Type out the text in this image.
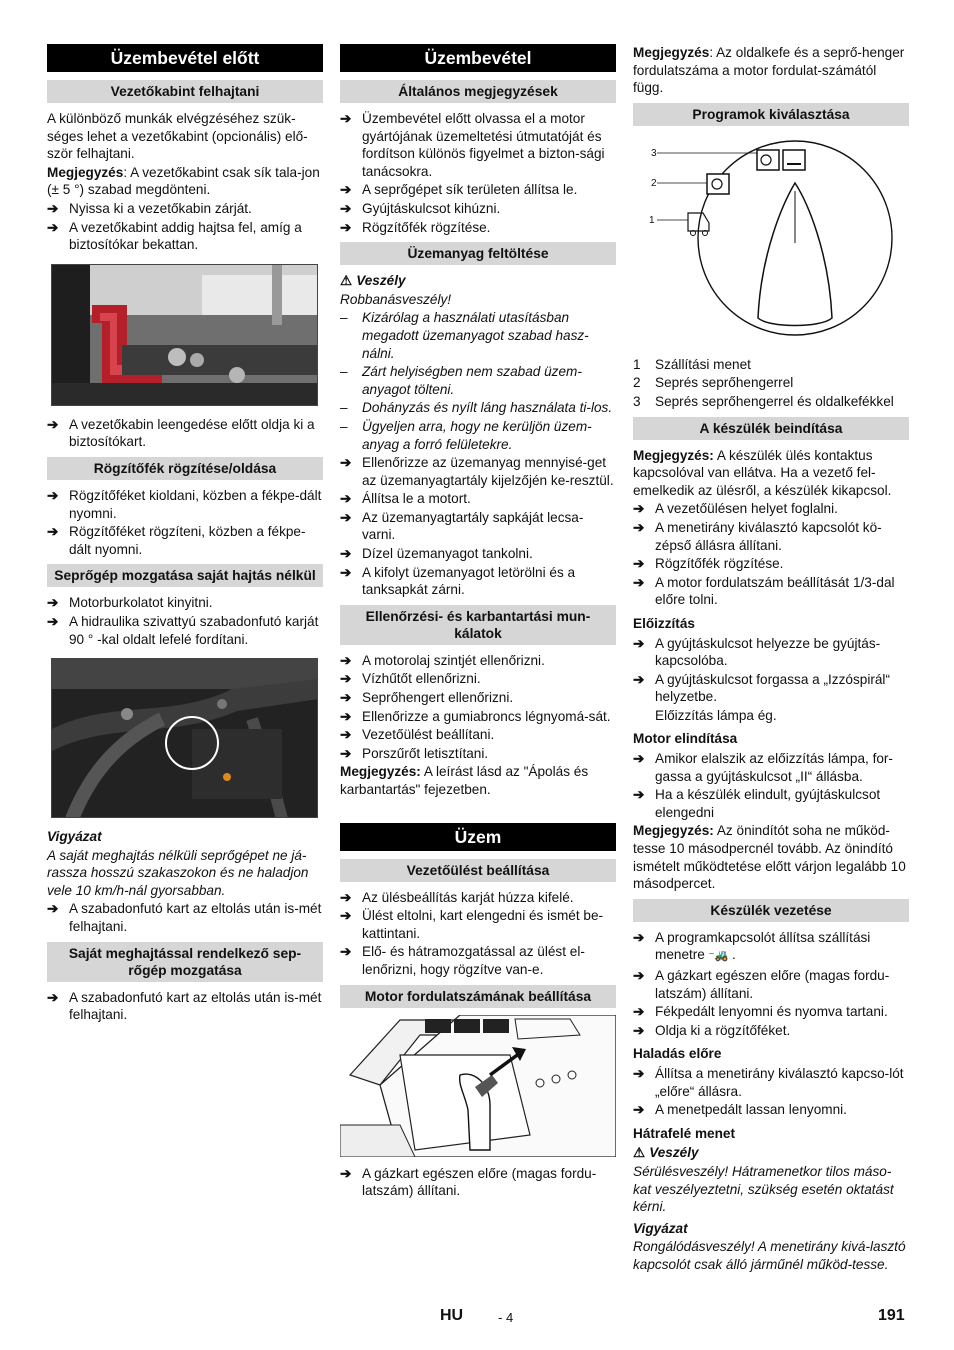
Üzembevétel előtt
Vezetőkabint felhajtani

A különböző munkák elvégzéséhez szük-séges lehet a vezetőkabint (opcionális) elő-ször felhajtani.

Megjegyzés: A vezetőkabint csak sík tala-jon (± 5 °) szabad megdönteni.

➔ Nyissa ki a vezetőkabin zárját.
➔ A vezetőkabint addig hajtsa fel, amíg a biztosítókar bekattan.
➔ A vezetőkabin leengedése előtt oldja ki a biztosítókart.
Rögzítőfék rögzítése/oldása
➔ Rögzítőféket kioldani, közben a fékpe-dált nyomni.
➔ Rögzítőféket rögzíteni, közben a fékpe-dált nyomni.
Seprőgép mozgatása saját hajtás nélkül
➔ Motorburkolatot kinyitni.
➔ A hidraulika szivattyú szabadonfutó karját 90 ° -kal oldalt lefelé fordítani.

Vigyázat

A saját meghajtás nélküli seprőgépet ne já-rassza hosszú szakaszokon és ne haladjon vele 10 km/h-nál gyorsabban.

➔ A szabadonfutó kart az eltolás után is-mét felhajtani.
Saját meghajtással rendelkező sep-rőgép mozgatása
➔ A szabadonfutó kart az eltolás után is-mét felhajtani.
Üzembevétel
Általános megjegyzések
➔ Üzembevétel előtt olvassa el a motor gyártójának üzemeltetési útmutatóját és fordítson különös figyelmet a bizton-sági tanácsokra.
➔ A seprőgépet sík területen állítsa le.
➔ Gyújtáskulcsot kihúzni.
➔ Rögzítőfék rögzítése.
Üzemanyag feltöltése

⚠ Veszély

Robbanásveszély!

– Kizárólag a használati utasításban megadott üzemanyagot szabad hasz-nálni.
– Zárt helyiségben nem szabad üzem-anyagot tölteni.
– Dohányzás és nyílt láng használata ti-los.
– Ügyeljen arra, hogy ne kerüljön üzem-anyag a forró felületekre.
➔ Ellenőrizze az üzemanyag mennyisé-get az üzemanyagtartály kijelzőjén ke-resztül.
➔ Állítsa le a motort.
➔ Az üzemanyagtartály sapkáját lecsa-varni.
➔ Dízel üzemanyagot tankolni.
➔ A kifolyt üzemanyagot letörölni és a tanksapkát zárni.
Ellenőrzési- és karbantartási mun-kálatok
➔ A motorolaj szintjét ellenőrizni.
➔ Vízhűtőt ellenőrizni.
➔ Seprőhengert ellenőrizni.
➔ Ellenőrizze a gumiabroncs légnyomá-sát.
➔ Vezetőülést beállítani.
➔ Porszűrőt letisztítani.

Megjegyzés: A leírást lásd az "Ápolás és karbantartás" fejezetben.

Üzem
Vezetőülést beállítása
➔ Az ülésbeállítás karját húzza kifelé.
➔ Ülést eltolni, kart elengedni és ismét be-kattintani.
➔ Elő- és hátramozgatással az ülést el-lenőrizni, hogy rögzítve van-e.
Motor fordulatszámának beállítása
➔ A gázkart egészen előre (magas fordu-latszám) állítani.

Megjegyzés: Az oldalkefe és a seprő-henger fordulatszáma a motor fordulat-számától függ.

Programok kiválasztása
3
2
1
1 Szállítási menet
2 Seprés seprőhengerrel
3 Seprés seprőhengerrel és oldalkefékkel
A készülék beindítása

Megjegyzés: A készülék ülés kontaktus kapcsolóval van ellátva. Ha a vezető fel-emelkedik az ülésről, a készülék kikapcsol.

➔ A vezetőülésen helyet foglalni.
➔ A menetirány kiválasztó kapcsolót kö-zépső állásra állítani.
➔ Rögzítőfék rögzítése.
➔ A motor fordulatszám beállítását 1/3-dal előre tolni.

Előizzítás

➔ A gyújtáskulcsot helyezze be gyújtás-kapcsolóba.
➔ A gyújtáskulcsot forgassa a „Izzóspirál“ helyzetbe.

Előizzítás lámpa ég.

Motor elindítása

➔ Amikor elalszik az előizzítás lámpa, for-gassa a gyújtáskulcsot „II“ állásba.
➔ Ha a készülék elindult, gyújtáskulcsot elengedni

Megjegyzés: Az önindítót soha ne működ-tesse 10 másodpercnél tovább. Az önindító ismételt működtetése előtt várjon legalább 10 másodpercet.

Készülék vezetése
➔ A programkapcsolót állítsa szállítási menetre ⁻🚜 .
➔ A gázkart egészen előre (magas fordu-latszám) állítani.
➔ Fékpedált lenyomni és nyomva tartani.
➔ Oldja ki a rögzítőféket.

Haladás előre

➔ Állítsa a menetirány kiválasztó kapcso-lót „előre“ állásra.
➔ A menetpedált lassan lenyomni.

Hátrafelé menet

⚠ Veszély

Sérülésveszély! Hátramenetkor tilos máso-kat veszélyeztetni, szükség esetén oktatást kérni.

Vigyázat

Rongálódásveszély! A menetirány kivá-lasztó kapcsolót csak álló járműnél működ-tesse.

HU	- 4	191
